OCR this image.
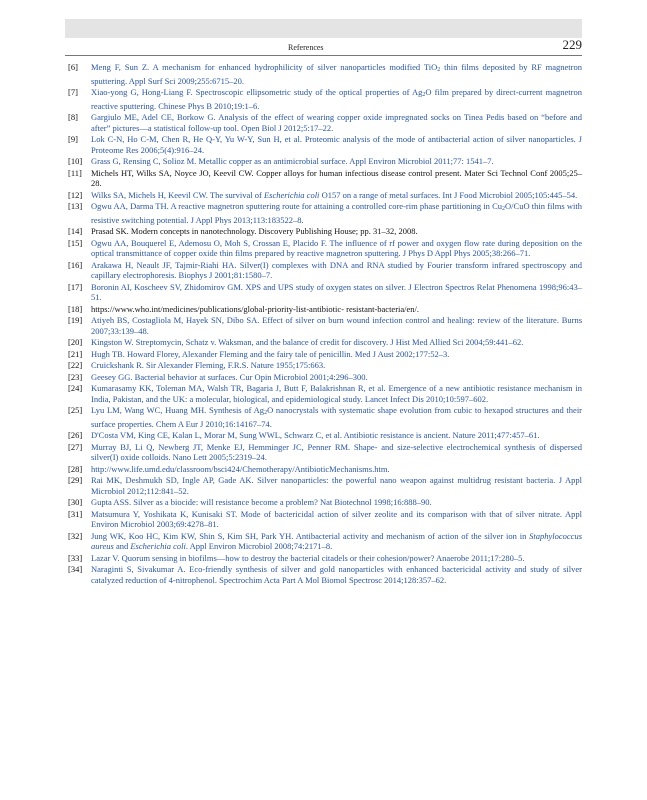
References	229
[6] Meng F, Sun Z. A mechanism for enhanced hydrophilicity of silver nanoparticles modified TiO2 thin films deposited by RF magnetron sputtering. Appl Surf Sci 2009;255:6715–20.
[7] Xiao-yong G, Hong-Liang F. Spectroscopic ellipsometric study of the optical properties of Ag2O film prepared by direct-current magnetron reactive sputtering. Chinese Phys B 2010;19:1–6.
[8] Gargiulo ME, Adel CE, Borkow G. Analysis of the effect of wearing copper oxide impregnated socks on Tinea Pedis based on “before and after” pictures—a statistical follow-up tool. Open Biol J 2012;5:17–22.
[9] Lok C-N, Ho C-M, Chen R, He Q-Y, Yu W-Y, Sun H, et al. Proteomic analysis of the mode of antibacterial action of silver nanoparticles. J Proteome Res 2006;5(4):916–24.
[10] Grass G, Rensing C, Solioz M. Metallic copper as an antimicrobial surface. Appl Environ Microbiol 2011;77: 1541–7.
[11] Michels HT, Wilks SA, Noyce JO, Keevil CW. Copper alloys for human infectious disease control present. Mater Sci Technol Conf 2005;25–28.
[12] Wilks SA, Michels H, Keevil CW. The survival of Escherichia coli O157 on a range of metal surfaces. Int J Food Microbiol 2005;105:445–54.
[13] Ogwu AA, Darma TH. A reactive magnetron sputtering route for attaining a controlled core-rim phase partitioning in Cu2O/CuO thin films with resistive switching potential. J Appl Phys 2013;113:183522–8.
[14] Prasad SK. Modern concepts in nanotechnology. Discovery Publishing House; pp. 31–32, 2008.
[15] Ogwu AA, Bouquerel E, Ademosu O, Moh S, Crossan E, Placido F. The influence of rf power and oxygen flow rate during deposition on the optical transmittance of copper oxide thin films prepared by reactive magnetron sputtering. J Phys D Appl Phys 2005;38:266–71.
[16] Arakawa H, Neault JF, Tajmir-Riahi HA. Silver(I) complexes with DNA and RNA studied by Fourier transform infrared spectroscopy and capillary electrophoresis. Biophys J 2001;81:1580–7.
[17] Boronin AI, Koscheev SV, Zhidomirov GM. XPS and UPS study of oxygen states on silver. J Electron Spectros Relat Phenomena 1998;96:43–51.
[18] https://www.who.int/medicines/publications/global-priority-list-antibiotic- resistant-bacteria/en/.
[19] Atiyeh BS, Costagliola M, Hayek SN, Dibo SA. Effect of silver on burn wound infection control and healing: review of the literature. Burns 2007;33:139–48.
[20] Kingston W. Streptomycin, Schatz v. Waksman, and the balance of credit for discovery. J Hist Med Allied Sci 2004;59:441–62.
[21] Hugh TB. Howard Florey, Alexander Fleming and the fairy tale of penicillin. Med J Aust 2002;177:52–3.
[22] Cruickshank R. Sir Alexander Fleming, F.R.S. Nature 1955;175:663.
[23] Geesey GG. Bacterial behavior at surfaces. Cur Opin Microbiol 2001;4:296–300.
[24] Kumarasamy KK, Toleman MA, Walsh TR, Bagaria J, Butt F, Balakrishnan R, et al. Emergence of a new antibiotic resistance mechanism in India, Pakistan, and the UK: a molecular, biological, and epidemiological study. Lancet Infect Dis 2010;10:597–602.
[25] Lyu LM, Wang WC, Huang MH. Synthesis of Ag2O nanocrystals with systematic shape evolution from cubic to hexapod structures and their surface properties. Chem A Eur J 2010;16:14167–74.
[26] D'Costa VM, King CE, Kalan L, Morar M, Sung WWL, Schwarz C, et al. Antibiotic resistance is ancient. Nature 2011;477:457–61.
[27] Murray BJ, Li Q, Newberg JT, Menke EJ, Hemminger JC, Penner RM. Shape- and size-selective electrochemical synthesis of dispersed silver(I) oxide colloids. Nano Lett 2005;5:2319–24.
[28] http://www.life.umd.edu/classroom/bsci424/Chemotherapy/AntibioticMechanisms.htm.
[29] Rai MK, Deshmukh SD, Ingle AP, Gade AK. Silver nanoparticles: the powerful nano weapon against multidrug resistant bacteria. J Appl Microbiol 2012;112:841–52.
[30] Gupta ASS. Silver as a biocide: will resistance become a problem? Nat Biotechnol 1998;16:888–90.
[31] Matsumura Y, Yoshikata K, Kunisaki ST. Mode of bactericidal action of silver zeolite and its comparison with that of silver nitrate. Appl Environ Microbiol 2003;69:4278–81.
[32] Jung WK, Koo HC, Kim KW, Shin S, Kim SH, Park YH. Antibacterial activity and mechanism of action of the silver ion in Staphylococcus aureus and Escherichia coli. Appl Environ Microbiol 2008;74:2171–8.
[33] Lazar V. Quorum sensing in biofilms—how to destroy the bacterial citadels or their cohesion/power? Anaerobe 2011;17:280–5.
[34] Naraginti S, Sivakumar A. Eco-friendly synthesis of silver and gold nanoparticles with enhanced bactericidal activity and study of silver catalyzed reduction of 4-nitrophenol. Spectrochim Acta Part A Mol Biomol Spectrosc 2014;128:357–62.
